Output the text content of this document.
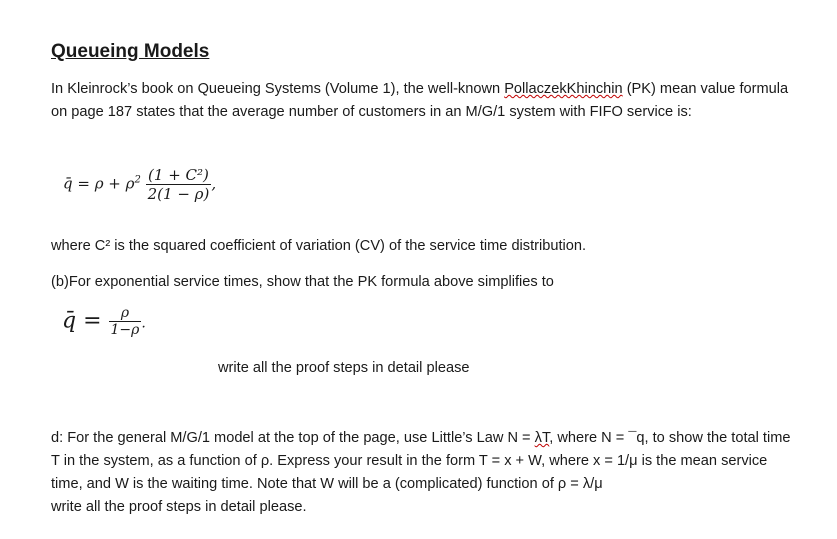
Queueing Models
In Kleinrock’s book on Queueing Systems (Volume 1), the well-known PollaczekKhinchin (PK) mean value formula on page 187 states that the average number of customers in an M/G/1 system with FIFO service is:
q̄ = $\rho + \rho^2 \frac{\text{(1 + C²)}}{2(1 - \rho)}$ ,
where C² is the squared coefficient of variation (CV) of the service time distribution.
(b)For exponential service times, show that the PK formula above simplifies to
q̄ = $\frac{\rho}{1-\rho}$ .
write all the proof steps in detail please
d: For the general M/G/1 model at the top of the page, use Little’s Law N = λT, where N = ¯q, to show the total time T in the system, as a function of ρ. Express your result in the form T = x + W, where x = 1/μ is the mean service time, and W is the waiting time. Note that W will be a (complicated) function of ρ = λ/μ
write all the proof steps in detail please.
